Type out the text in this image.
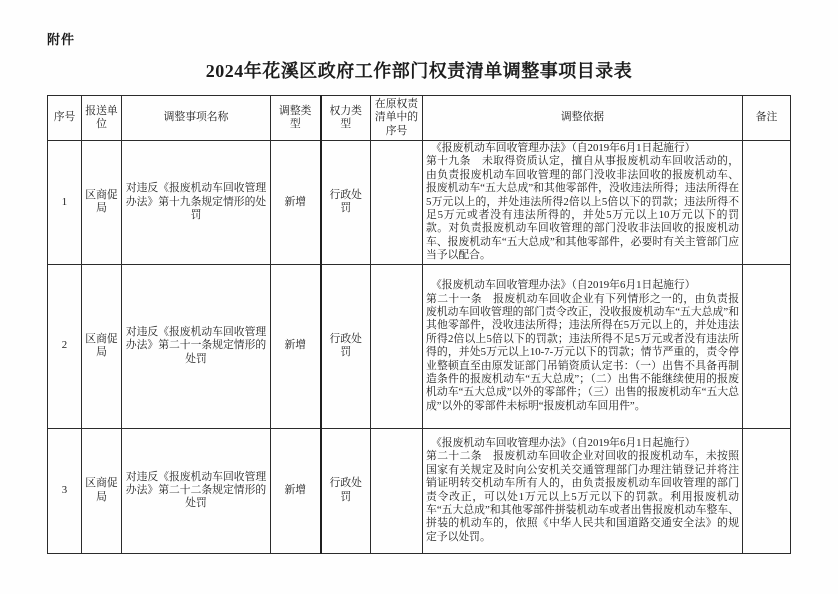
附件
2024年花溪区政府工作部门权责清单调整事项目录表
序号	报送单位	调整事项名称	调整类型	权力类型	在原权责清单中的序号	调整依据	备注
1	区商促局	对违反《报废机动车回收管理办法》第十九条规定情形的处罚	新增	行政处罚		《报废机动车回收管理办法》（自2019年6月1日起施行）
第十九条　未取得资质认定，擅自从事报废机动车回收活动的，由负责报废机动车回收管理的部门没收非法回收的报废机动车、报废机动车“五大总成”和其他零部件，没收违法所得；违法所得在5万元以上的，并处违法所得2倍以上5倍以下的罚款；违法所得不足5万元或者没有违法所得的，并处5万元以上10万元以下的罚款。对负责报废机动车回收管理的部门没收非法回收的报废机动车、报废机动车“五大总成”和其他零部件，必要时有关主管部门应当予以配合。	

2	区商促局	对违反《报废机动车回收管理办法》第二十一条规定情形的处罚	新增	行政处罚		《报废机动车回收管理办法》（自2019年6月1日起施行）
第二十一条　报废机动车回收企业有下列情形之一的，由负责报废机动车回收管理的部门责令改正，没收报废机动车“五大总成”和其他零部件，没收违法所得；违法所得在5万元以上的，并处违法所得2倍以上5倍以下的罚款；违法所得不足5万元或者没有违法所得的，并处5万元以上10-7-万元以下的罚款；情节严重的，责令停业整顿直至由原发证部门吊销资质认定书：（一）出售不具备再制造条件的报废机动车“五大总成”；（二）出售不能继续使用的报废机动车“五大总成”以外的零部件；（三）出售的报废机动车“五大总成”以外的零部件未标明“报废机动车回用件”。	

3	区商促局	对违反《报废机动车回收管理办法》第二十二条规定情形的处罚	新增	行政处罚		《报废机动车回收管理办法》（自2019年6月1日起施行）
第二十二条　报废机动车回收企业对回收的报废机动车，未按照国家有关规定及时向公安机关交通管理部门办理注销登记并将注销证明转交机动车所有人的，由负责报废机动车回收管理的部门责令改正，可以处1万元以上5万元以下的罚款。利用报废机动车“五大总成”和其他零部件拼装机动车或者出售报废机动车整车、拼装的机动车的，依照《中华人民共和国道路交通安全法》的规定予以处罚。	
